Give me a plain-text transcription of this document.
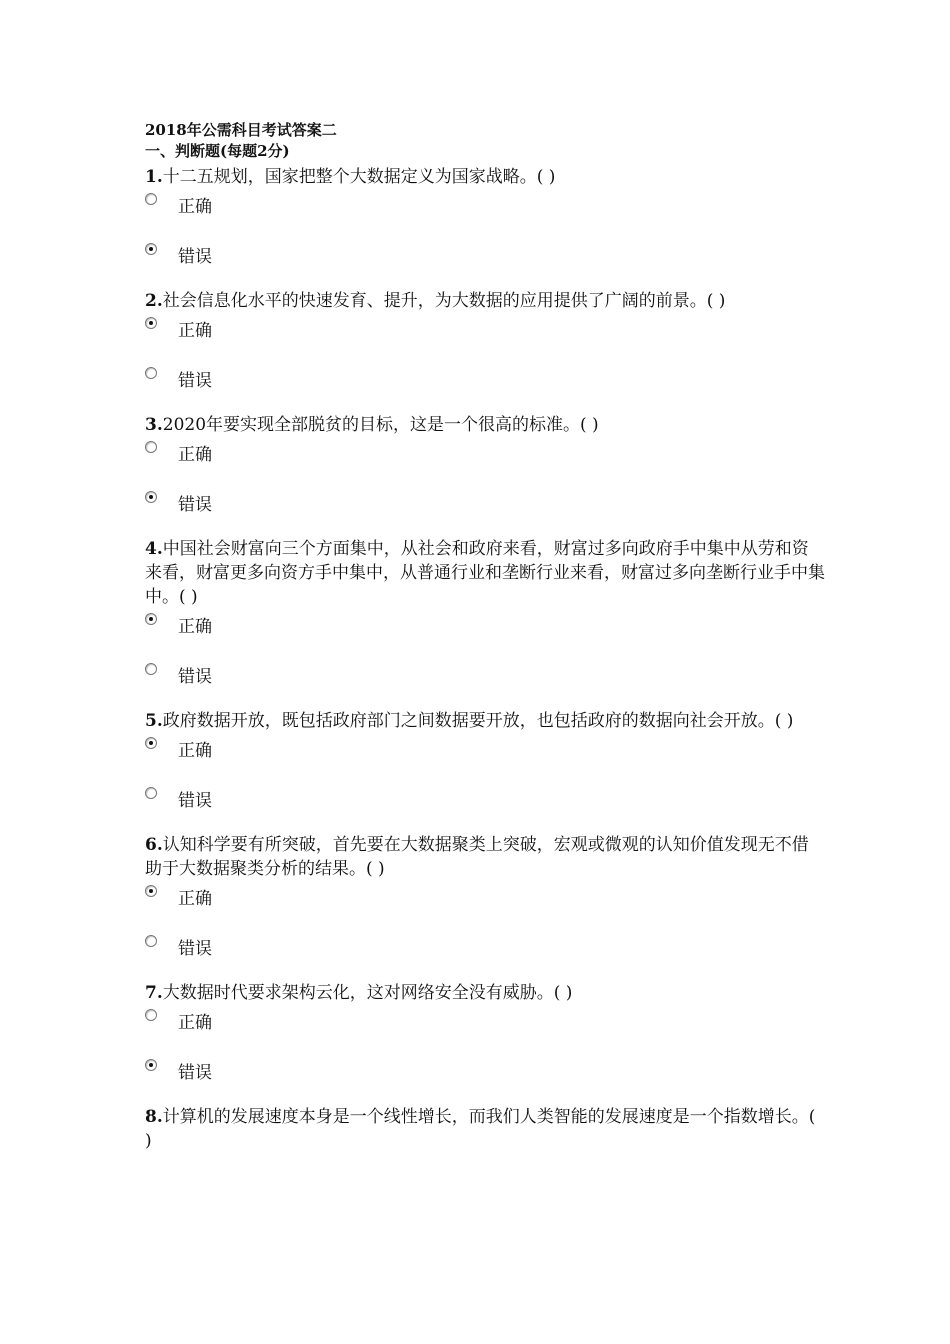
2018年公需科目考试答案二
一、判断题(每题2分)

1.十二五规划，国家把整个大数据定义为国家战略。( )

正确
错误

2.社会信息化水平的快速发育、提升，为大数据的应用提供了广阔的前景。( )

正确
错误

3.2020年要实现全部脱贫的目标，这是一个很高的标准。( )

正确
错误

4.中国社会财富向三个方面集中，从社会和政府来看，财富过多向政府手中集中从劳和资来看，财富更多向资方手中集中，从普通行业和垄断行业来看，财富过多向垄断行业手中集中。( )

正确
错误

5.政府数据开放，既包括政府部门之间数据要开放，也包括政府的数据向社会开放。( )

正确
错误

6.认知科学要有所突破，首先要在大数据聚类上突破，宏观或微观的认知价值发现无不借助于大数据聚类分析的结果。( )

正确
错误

7.大数据时代要求架构云化，这对网络安全没有威胁。( )

正确
错误

8.计算机的发展速度本身是一个线性增长，而我们人类智能的发展速度是一个指数增长。( )
